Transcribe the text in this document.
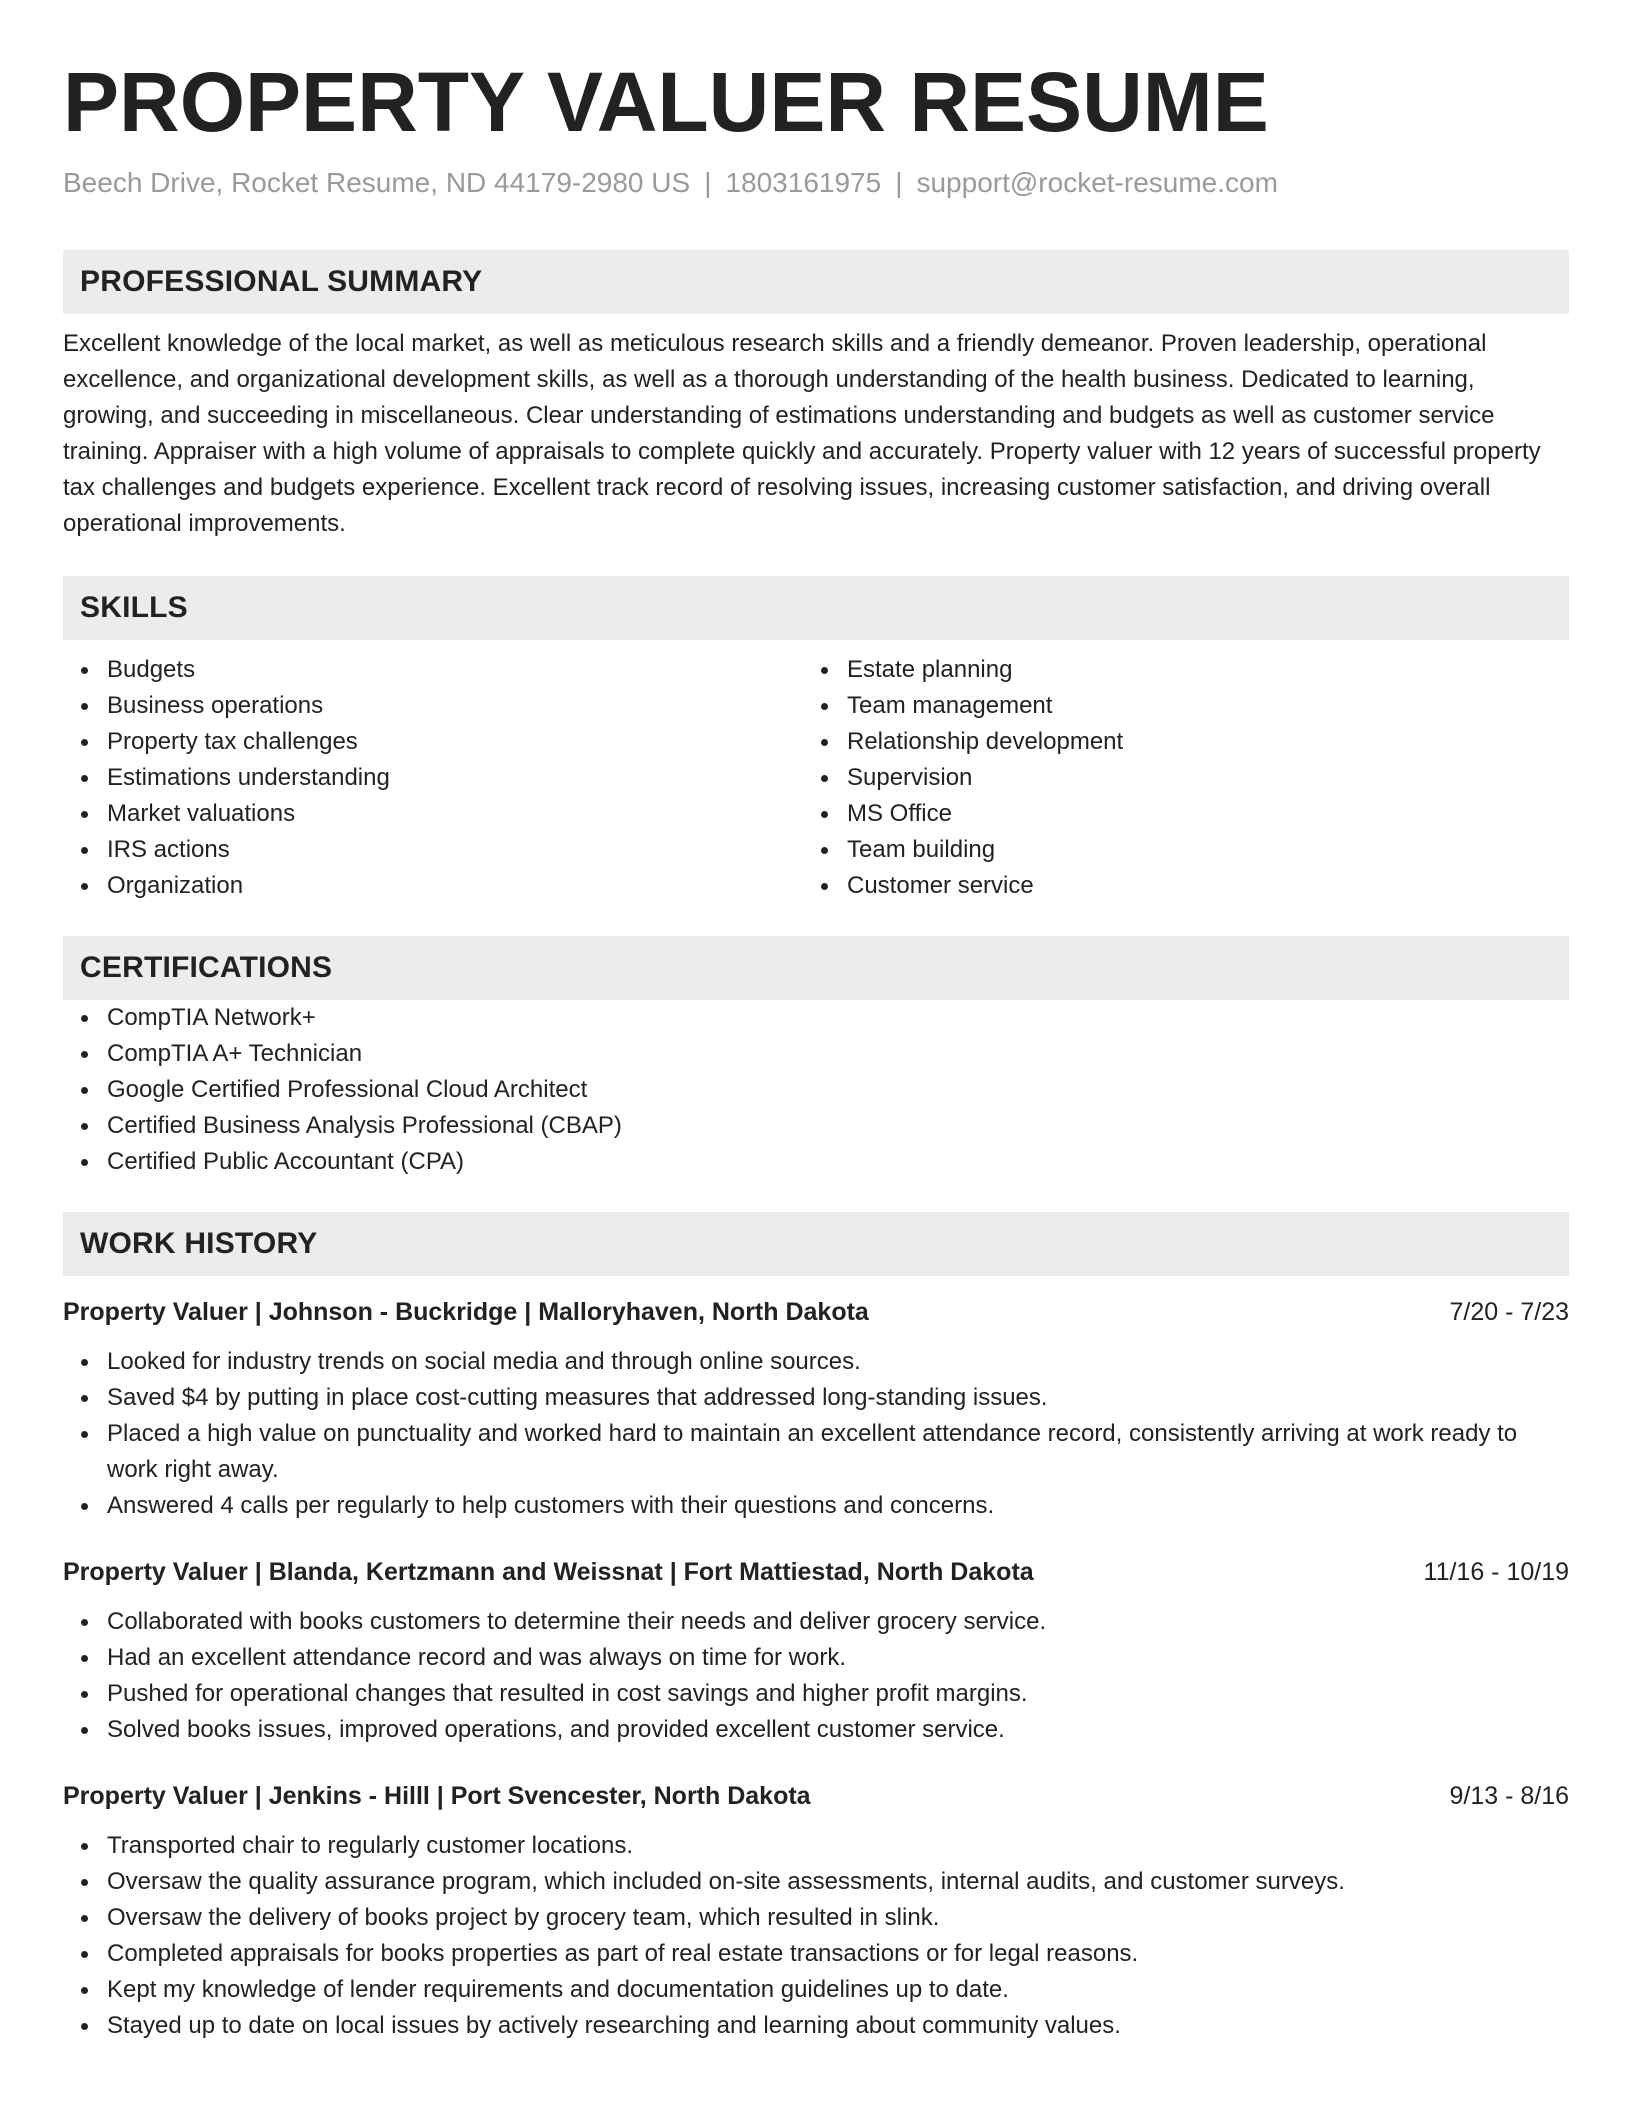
PROPERTY VALUER RESUME
Beech Drive, Rocket Resume, ND 44179-2980 US | 1803161975 | support@rocket-resume.com
PROFESSIONAL SUMMARY

Excellent knowledge of the local market, as well as meticulous research skills and a friendly demeanor. Proven leadership, operational excellence, and organizational development skills, as well as a thorough understanding of the health business. Dedicated to learning, growing, and succeeding in miscellaneous. Clear understanding of estimations understanding and budgets as well as customer service training. Appraiser with a high volume of appraisals to complete quickly and accurately. Property valuer with 12 years of successful property tax challenges and budgets experience. Excellent track record of resolving issues, increasing customer satisfaction, and driving overall operational improvements.

SKILLS
Budgets
Business operations
Property tax challenges
Estimations understanding
Market valuations
IRS actions
Organization
Estate planning
Team management
Relationship development
Supervision
MS Office
Team building
Customer service
CERTIFICATIONS
CompTIA Network+
CompTIA A+ Technician
Google Certified Professional Cloud Architect
Certified Business Analysis Professional (CBAP)
Certified Public Accountant (CPA)
WORK HISTORY
Property Valuer | Johnson - Buckridge | Malloryhaven, North Dakota	7/20 - 7/23
Looked for industry trends on social media and through online sources.
Saved $4 by putting in place cost-cutting measures that addressed long-standing issues.
Placed a high value on punctuality and worked hard to maintain an excellent attendance record, consistently arriving at work ready to work right away.
Answered 4 calls per regularly to help customers with their questions and concerns.
Property Valuer | Blanda, Kertzmann and Weissnat | Fort Mattiestad, North Dakota	11/16 - 10/19
Collaborated with books customers to determine their needs and deliver grocery service.
Had an excellent attendance record and was always on time for work.
Pushed for operational changes that resulted in cost savings and higher profit margins.
Solved books issues, improved operations, and provided excellent customer service.
Property Valuer | Jenkins - Hilll | Port Svencester, North Dakota	9/13 - 8/16
Transported chair to regularly customer locations.
Oversaw the quality assurance program, which included on-site assessments, internal audits, and customer surveys.
Oversaw the delivery of books project by grocery team, which resulted in slink.
Completed appraisals for books properties as part of real estate transactions or for legal reasons.
Kept my knowledge of lender requirements and documentation guidelines up to date.
Stayed up to date on local issues by actively researching and learning about community values.
